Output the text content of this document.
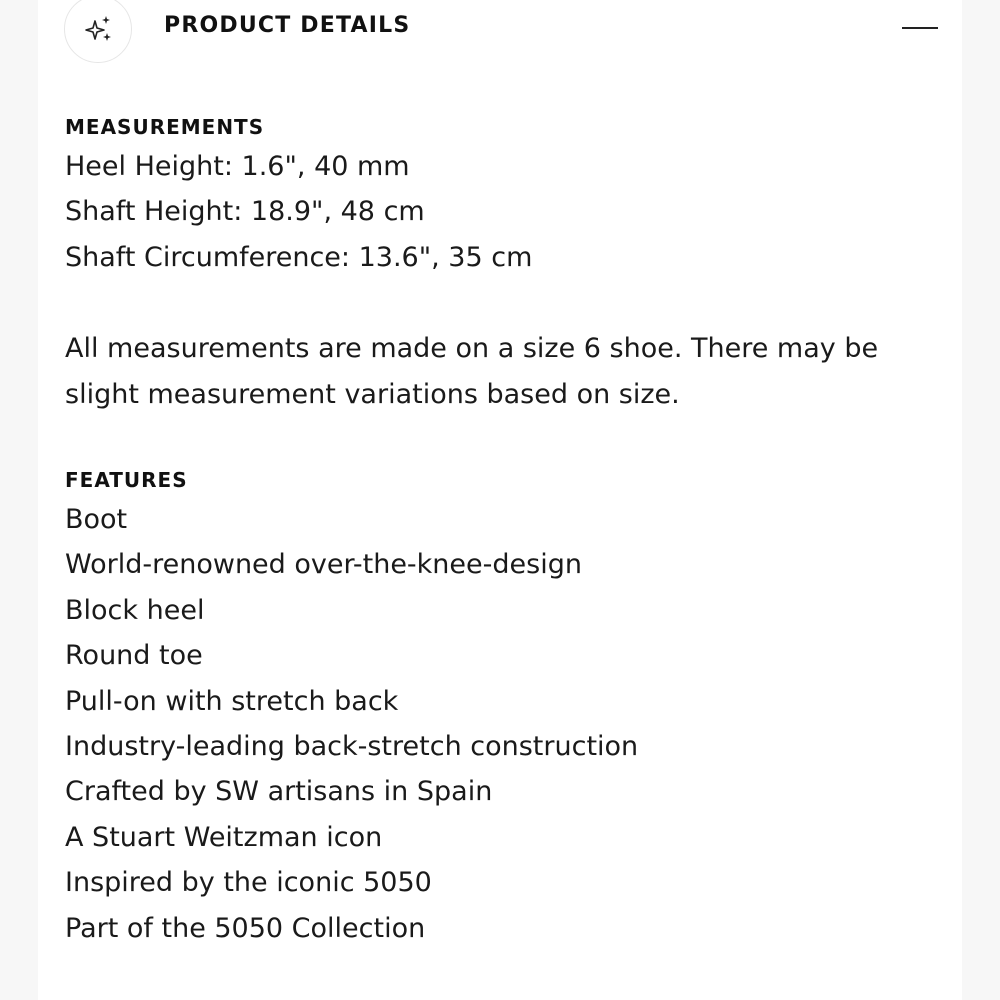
PRODUCT DETAILS
MEASUREMENTS
Heel Height: 1.6", 40 mm
Shaft Height: 18.9", 48 cm
Shaft Circumference: 13.6", 35 cm
All measurements are made on a size 6 shoe. There may be
slight measurement variations based on size.
FEATURES
Boot
World-renowned over-the-knee-design
Block heel
Round toe
Pull-on with stretch back
Industry-leading back-stretch construction
Crafted by SW artisans in Spain
A Stuart Weitzman icon
Inspired by the iconic 5050
Part of the 5050 Collection
